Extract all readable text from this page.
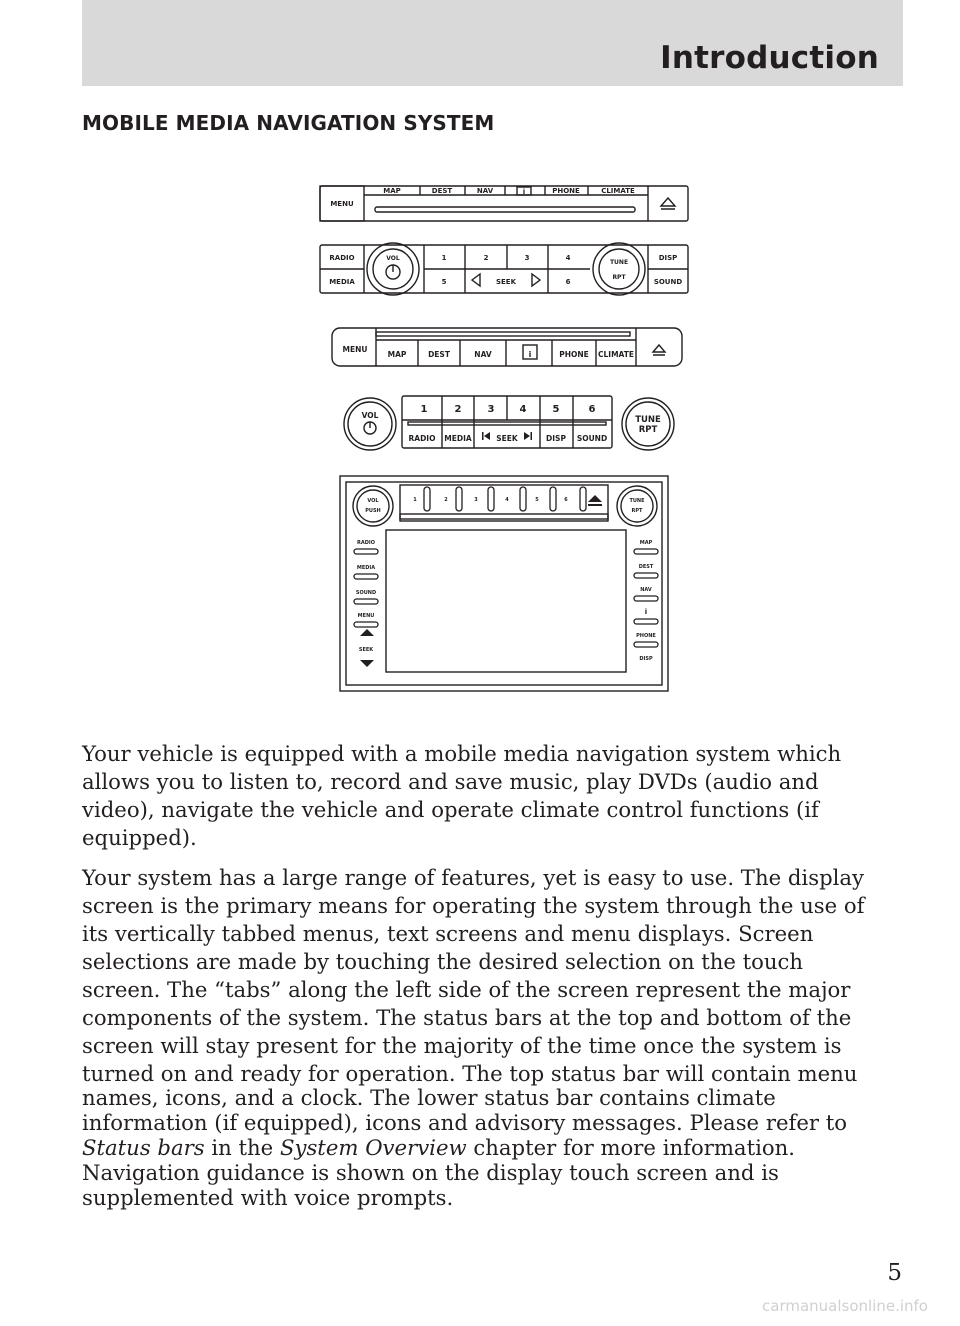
Introduction
MOBILE MEDIA NAVIGATION SYSTEM
MENU
MAP	DEST	NAV	PHONE	CLIMATE
RADIO
MEDIA
VOL	1	2	3	4
5	SEEK	6
TUNE
RPT
DISP
SOUND
i
MENU
MAP	DEST	NAV	i	PHONE CLIMATE
VOL
1	2	3	4	5	6
RADIO MEDIA	SEEK	DISP SOUND
TUNE
RPT
VOL
PUSH
TUNE
RPT
1	2	3	4	5	6
RADIO
MEDIA
SOUND
MENU
SEEK
MAP
DEST
NAV
i
PHONE
DISP

Your vehicle is equipped with a mobile media navigation system which
allows you to listen to, record and save music, play DVDs (audio and
video), navigate the vehicle and operate climate control functions (if
equipped).

Your system has a large range of features, yet is easy to use. The display
screen is the primary means for operating the system through the use of
its vertically tabbed menus, text screens and menu displays. Screen
selections are made by touching the desired selection on the touch
screen. The “tabs” along the left side of the screen represent the major
components of the system. The status bars at the top and bottom of the
screen will stay present for the majority of the time once the system is
turned on and ready for operation. The top status bar will contain menu
names, icons, and a clock. The lower status bar contains climate
information (if equipped), icons and advisory messages. Please refer to
Status bars in the System Overview chapter for more information.
Navigation guidance is shown on the display touch screen and is
supplemented with voice prompts.

5
carmanualsonline.info
